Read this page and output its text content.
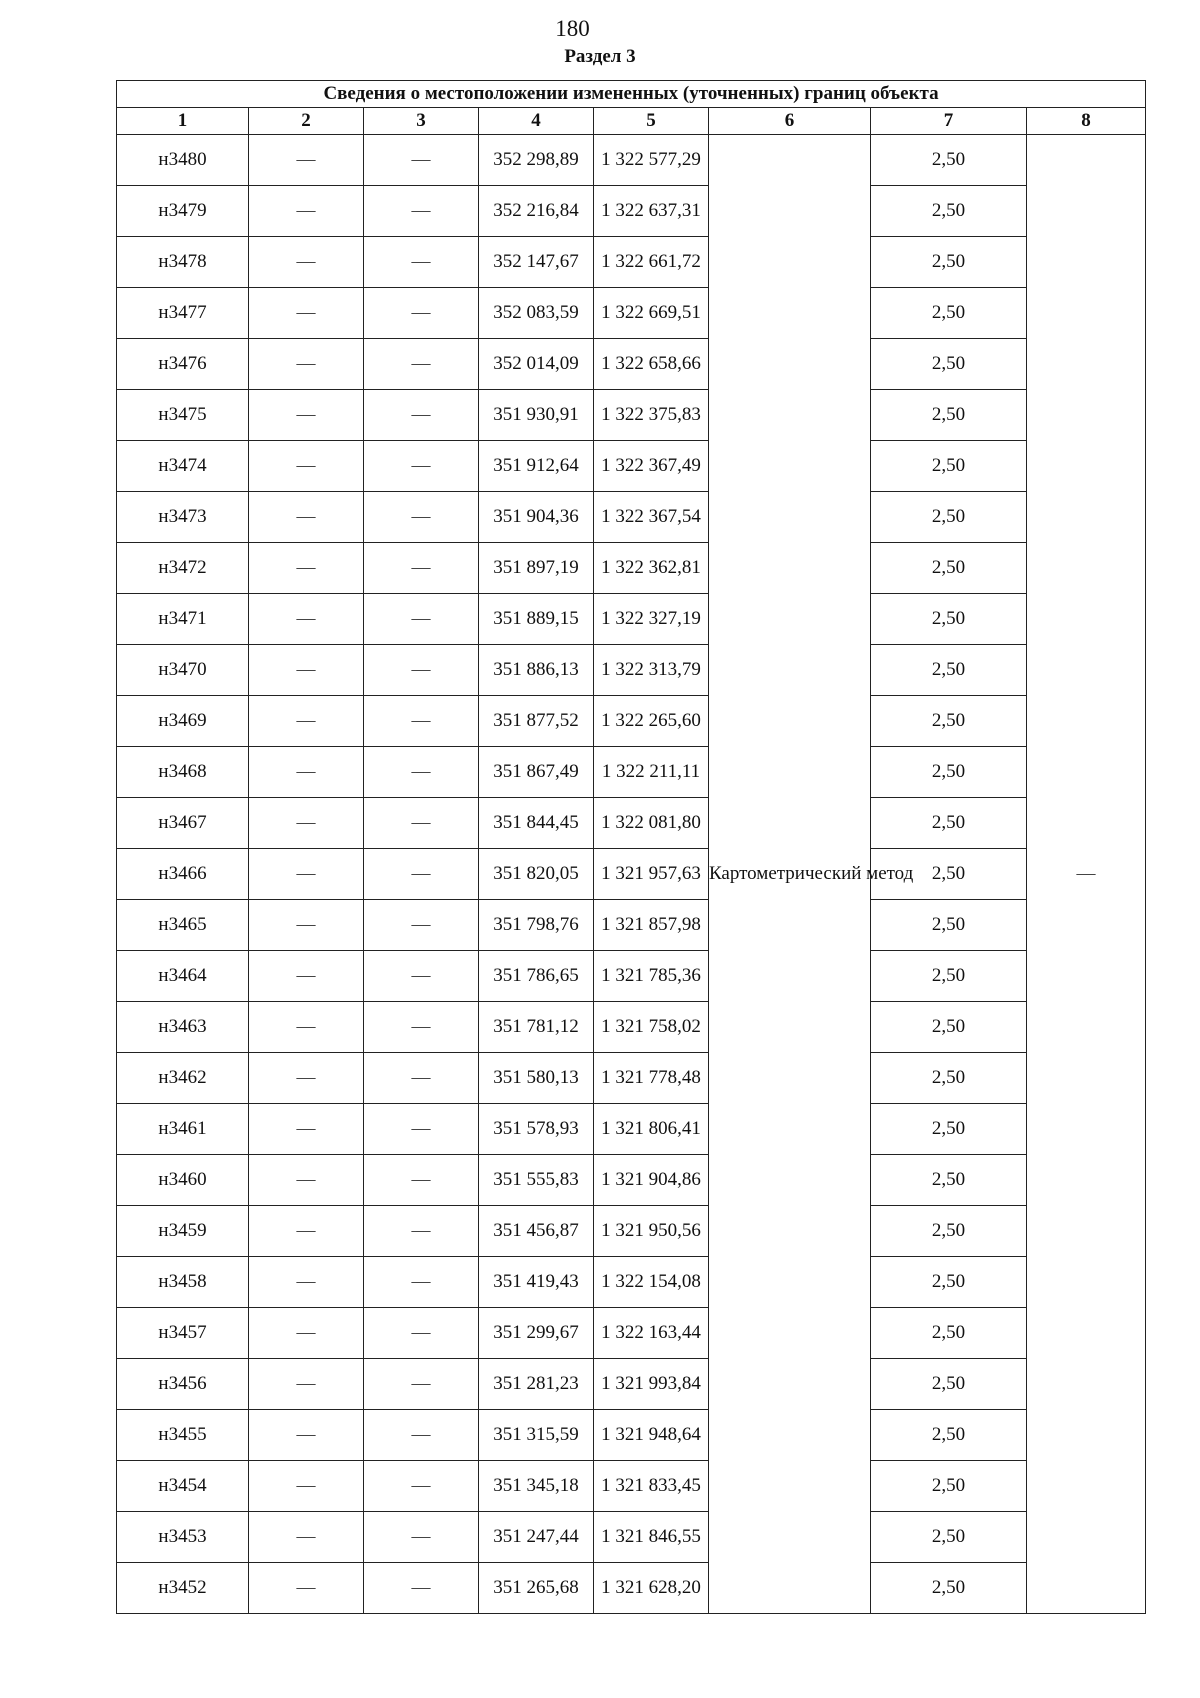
180
Раздел 3
Сведения о местоположении измененных (уточненных) границ объекта							
1	2	3	4	5	6	7	8
н3480	—	—	352 298,89	1 322 577,29	Картометрический метод	2,50	—
н3479	—	—	352 216,84	1 322 637,31		2,50	
н3478	—	—	352 147,67	1 322 661,72		2,50	
н3477	—	—	352 083,59	1 322 669,51		2,50	
н3476	—	—	352 014,09	1 322 658,66		2,50	
н3475	—	—	351 930,91	1 322 375,83		2,50	
н3474	—	—	351 912,64	1 322 367,49		2,50	
н3473	—	—	351 904,36	1 322 367,54		2,50	
н3472	—	—	351 897,19	1 322 362,81		2,50	
н3471	—	—	351 889,15	1 322 327,19		2,50	
н3470	—	—	351 886,13	1 322 313,79		2,50	
н3469	—	—	351 877,52	1 322 265,60		2,50	
н3468	—	—	351 867,49	1 322 211,11		2,50	
н3467	—	—	351 844,45	1 322 081,80		2,50	
н3466	—	—	351 820,05	1 321 957,63		2,50	
н3465	—	—	351 798,76	1 321 857,98		2,50	
н3464	—	—	351 786,65	1 321 785,36		2,50	
н3463	—	—	351 781,12	1 321 758,02		2,50	
н3462	—	—	351 580,13	1 321 778,48		2,50	
н3461	—	—	351 578,93	1 321 806,41		2,50	
н3460	—	—	351 555,83	1 321 904,86		2,50	
н3459	—	—	351 456,87	1 321 950,56		2,50	
н3458	—	—	351 419,43	1 322 154,08		2,50	
н3457	—	—	351 299,67	1 322 163,44		2,50	
н3456	—	—	351 281,23	1 321 993,84		2,50	
н3455	—	—	351 315,59	1 321 948,64		2,50	
н3454	—	—	351 345,18	1 321 833,45		2,50	
н3453	—	—	351 247,44	1 321 846,55		2,50	
н3452	—	—	351 265,68	1 321 628,20		2,50	
